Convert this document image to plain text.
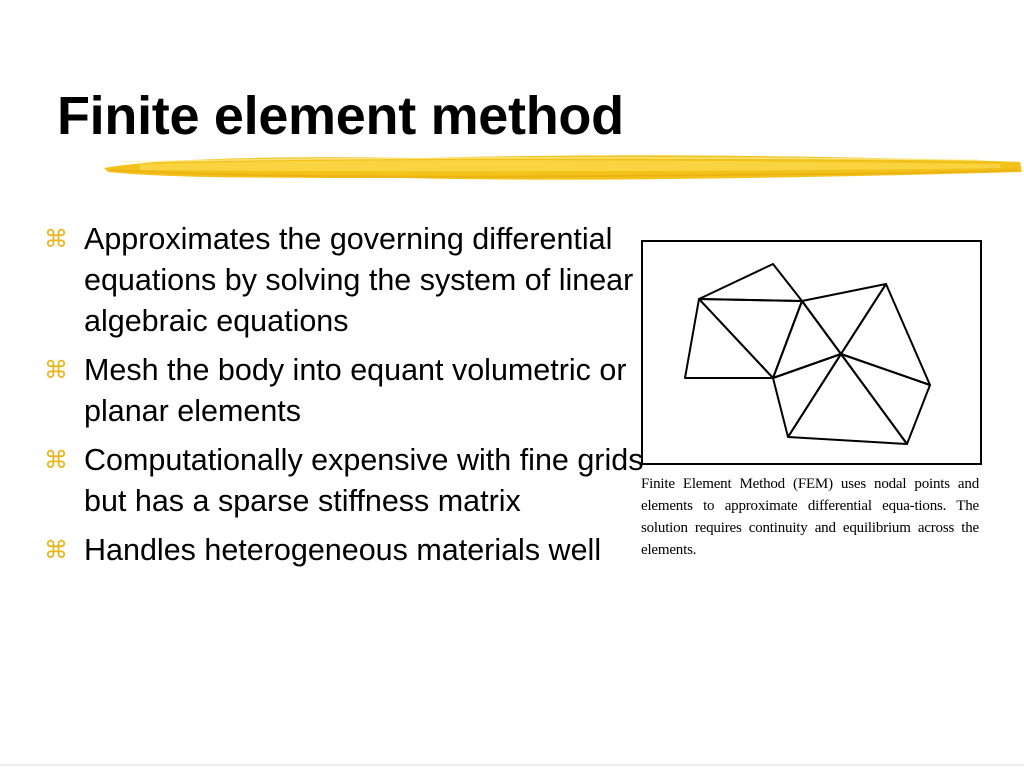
Finite element method
⌘ Approximates the governing differential equations by solving the system of linear algebraic equations
⌘ Mesh the body into equant volumetric or planar elements
⌘ Computationally expensive with fine grids but has a sparse stiffness matrix
⌘ Handles heterogeneous materials well

Finite Element Method (FEM) uses nodal points and elements to approximate differential equa-tions. The solution requires continuity and equilibrium across the elements.
